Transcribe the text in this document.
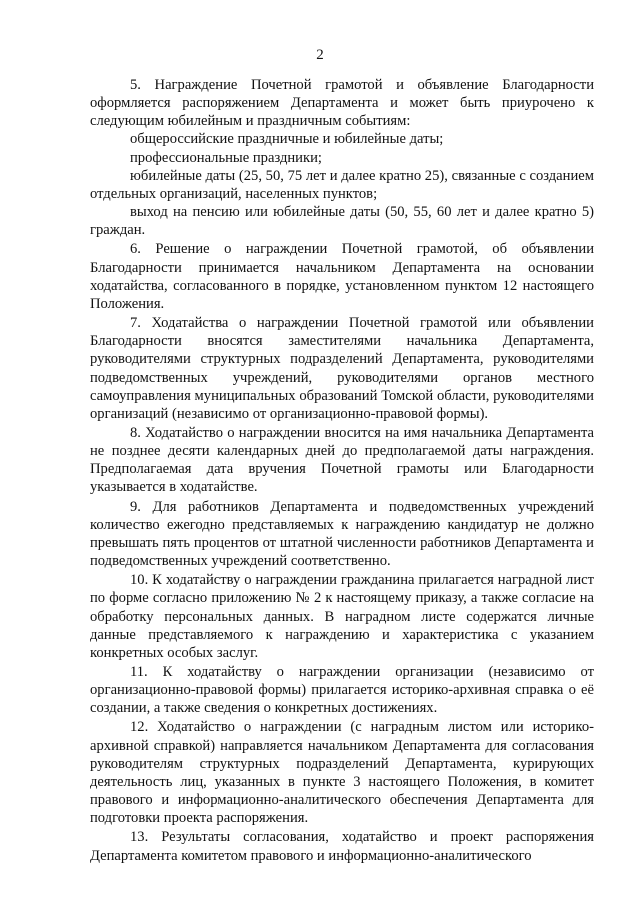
2

5. Награждение Почетной грамотой и объявление Благодарности оформляется распоряжением Департамента и может быть приурочено к следующим юбилейным и праздничным событиям:

общероссийские праздничные и юбилейные даты;

профессиональные праздники;

юбилейные даты (25, 50, 75 лет и далее кратно 25), связанные с созданием отдельных организаций, населенных пунктов;

выход на пенсию или юбилейные даты (50, 55, 60 лет и далее кратно 5) граждан.

6. Решение о награждении Почетной грамотой, об объявлении Благодарности принимается начальником Департамента на основании ходатайства, согласованного в порядке, установленном пунктом 12 настоящего Положения.

7. Ходатайства о награждении Почетной грамотой или объявлении Благодарности вносятся заместителями начальника Департамента, руководителями структурных подразделений Департамента, руководителями подведомственных учреждений, руководителями органов местного самоуправления муниципальных образований Томской области, руководителями организаций (независимо от организационно-правовой формы).

8. Ходатайство о награждении вносится на имя начальника Департамента не позднее десяти календарных дней до предполагаемой даты награждения. Предполагаемая дата вручения Почетной грамоты или Благодарности указывается в ходатайстве.

9. Для работников Департамента и подведомственных учреждений количество ежегодно представляемых к награждению кандидатур не должно превышать пять процентов от штатной численности работников Департамента и подведомственных учреждений соответственно.

10. К ходатайству о награждении гражданина прилагается наградной лист по форме согласно приложению № 2 к настоящему приказу, а также согласие на обработку персональных данных. В наградном листе содержатся личные данные представляемого к награждению и характеристика с указанием конкретных особых заслуг.

11. К ходатайству о награждении организации (независимо от организационно-правовой формы) прилагается историко-архивная справка о её создании, а также сведения о конкретных достижениях.

12. Ходатайство о награждении (с наградным листом или историко-архивной справкой) направляется начальником Департамента для согласования руководителям структурных подразделений Департамента, курирующих деятельность лиц, указанных в пункте 3 настоящего Положения, в комитет правового и информационно-аналитического обеспечения Департамента для подготовки проекта распоряжения.

13. Результаты согласования, ходатайство и проект распоряжения Департамента комитетом правового и информационно-аналитического
